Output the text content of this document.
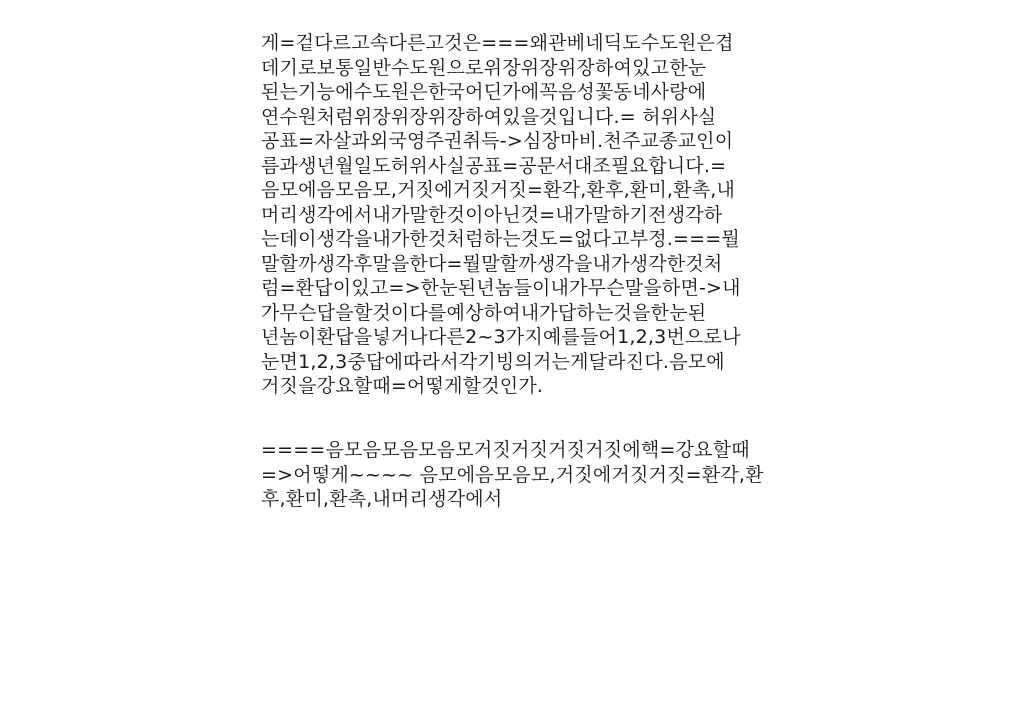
게=겉다르고속다른고것은===왜관베네딕도수도원은겹
데기로보통일반수도원으로위장위장위장하여있고한눈
된는기능에수도원은한국어딘가에꼭음성꽃동네사랑에
연수원처럼위장위장위장하여있을것입니다.= 허위사실
공표=자살과외국영주권취득->심장마비.천주교종교인이
름과생년월일도허위사실공표=공문서대조필요합니다.=
음모에음모음모,거짓에거짓거짓=환각,환후,환미,환촉,내
머리생각에서내가말한것이아닌것=내가말하기전생각하
는데이생각을내가한것처럼하는것도=없다고부정.===뭘
말할까생각후말을한다=뭘말할까생각을내가생각한것처
럼=환답이있고=>한눈된년놈들이내가무슨말을하면->내
가무슨답을할것이다를예상하여내가답하는것을한눈된
년놈이환답을넣거나다른2~3가지예를들어1,2,3번으로나
눈면1,2,3중답에따라서각기빙의거는게달라진다.음모에
거짓을강요할때=어떻게할것인가.
====음모음모음모음모거짓거짓거짓거짓에핵=강요할때
=>어떻게~~~~ 음모에음모음모,거짓에거짓거짓=환각,환
후,환미,환촉,내머리생각에서
